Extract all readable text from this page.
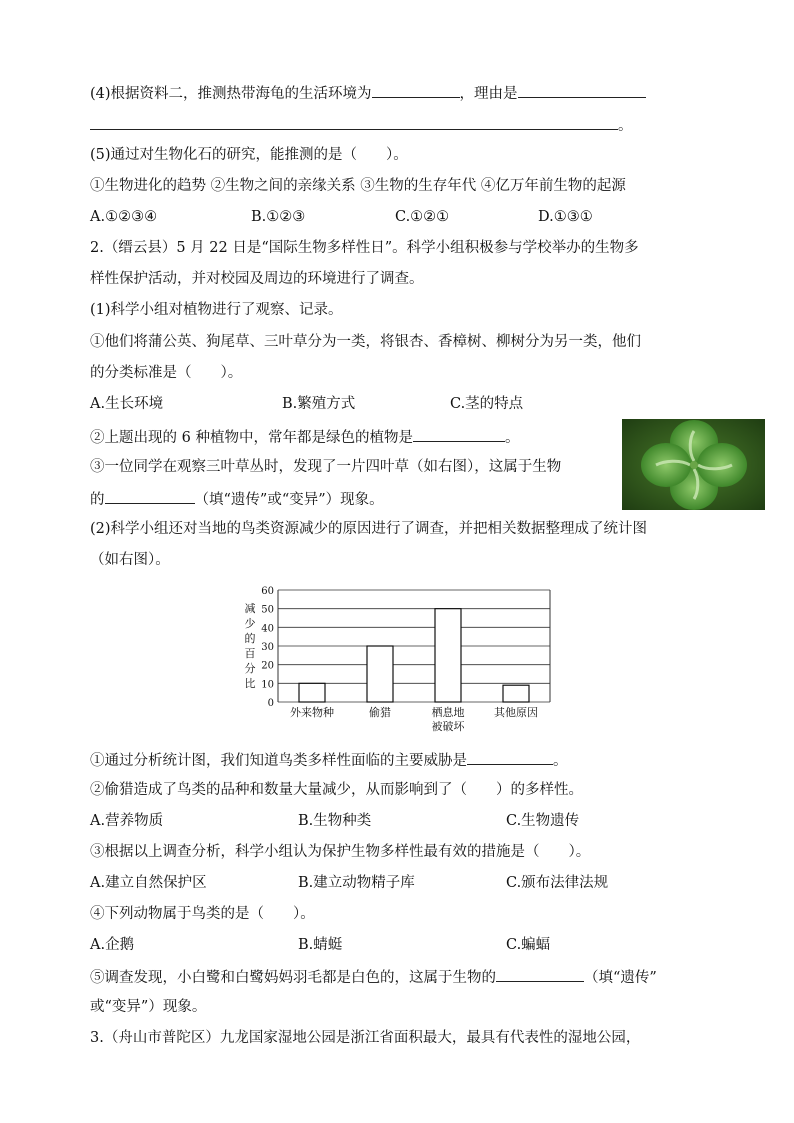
(4)根据资料二，推测热带海龟的生活环境为	，理由是
。
(5)通过对生物化石的研究，能推测的是（　　）。
①生物进化的趋势 ②生物之间的亲缘关系 ③生物的生存年代 ④亿万年前生物的起源
A.①②③④	B.①②③	C.①②①	D.①③①
2.（缙云县）5 月 22 日是“国际生物多样性日”。科学小组积极参与学校举办的生物多
样性保护活动，并对校园及周边的环境进行了调查。
(1)科学小组对植物进行了观察、记录。
①他们将蒲公英、狗尾草、三叶草分为一类，将银杏、香樟树、柳树分为另一类，他们
的分类标准是（　　）。
A.生长环境	B.繁殖方式	C.茎的特点
②上题出现的 6 种植物中，常年都是绿色的植物是	。
③一位同学在观察三叶草丛时，发现了一片四叶草（如右图），这属于生物
的	（填“遗传”或“变异”）现象。
(2)科学小组还对当地的鸟类资源减少的原因进行了调查，并把相关数据整理成了统计图
（如右图）。
减少的百分比
0
10
20
30
40
50
60
外来物种	偷猎	栖息地被破坏
其他原因
①通过分析统计图，我们知道鸟类多样性面临的主要威胁是	。
②偷猎造成了鸟类的品种和数量大量减少，从而影响到了（　　）的多样性。
A.营养物质	B.生物种类	C.生物遗传
③根据以上调查分析，科学小组认为保护生物多样性最有效的措施是（　　）。
A.建立自然保护区	B.建立动物精子库	C.颁布法律法规
④下列动物属于鸟类的是（　　）。
A.企鹅	B.蜻蜓	C.蝙蝠
⑤调查发现，小白鹭和白鹭妈妈羽毛都是白色的，这属于生物的	（填“遗传”
或“变异”）现象。
3.（舟山市普陀区）九龙国家湿地公园是浙江省面积最大，最具有代表性的湿地公园，
